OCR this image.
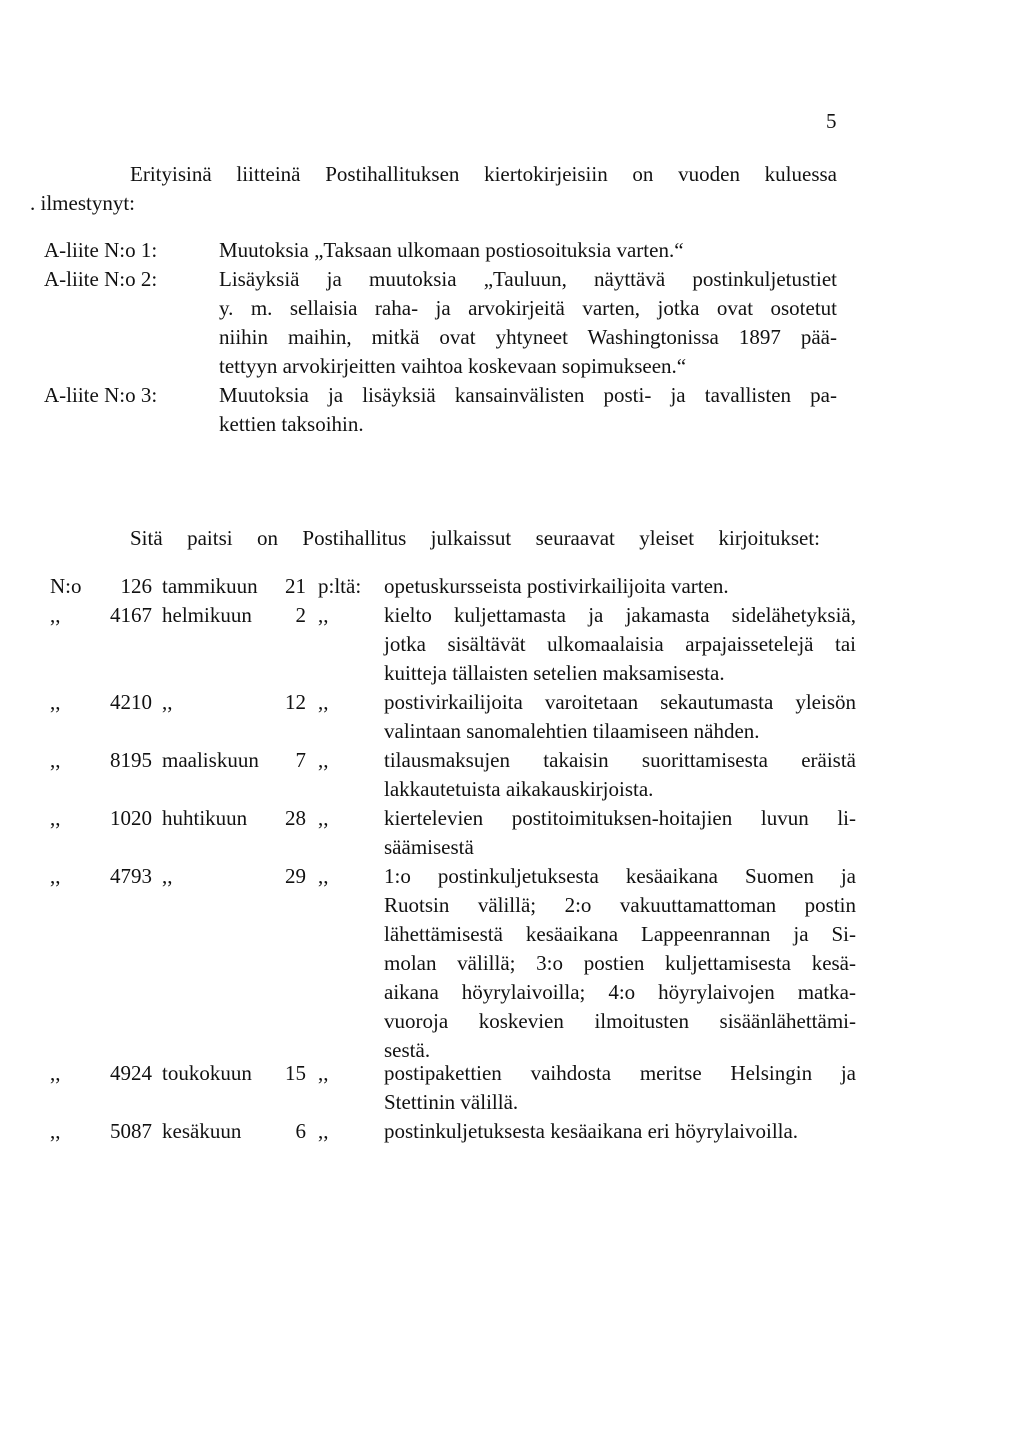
5
Erityisinä liitteinä Postihallituksen kiertokirjeisiin on vuoden kuluessa
. ilmestynyt:
A-liite N:o 1:	Muutoksia „Taksaan ulkomaan postiosoituksia varten.“
A-liite N:o 2:	Lisäyksiä ja muutoksia „Tauluun, näyttävä postinkuljetustiet
y. m. sellaisia raha- ja arvokirjeitä varten, jotka ovat osotetut
niihin maihin, mitkä ovat yhtyneet Washingtonissa 1897 pää-
tettyyn arvokirjeitten vaihtoa koskevaan sopimukseen.“
A-liite N:o 3:	Muutoksia ja lisäyksiä kansainvälisten posti- ja tavallisten pa-
kettien taksoihin.
Sitä paitsi on Postihallitus julkaissut seuraavat yleiset kirjoitukset:
N:o	126 tammikuun	21 p:ltä: opetuskursseista postivirkailijoita varten.
,,	4167 helmikuun	2 ,,	kielto kuljettamasta ja jakamasta sidelähetyksiä,
jotka sisältävät ulkomaalaisia arpajaissetelejä tai
kuitteja tällaisten setelien maksamisesta.
,,	4210 ,,	12 ,,	postivirkailijoita varoitetaan sekautumasta yleisön
valintaan sanomalehtien tilaamiseen nähden.
,,	8195 maaliskuun	7 ,,	tilausmaksujen takaisin suorittamisesta eräistä
lakkautetuista aikakauskirjoista.
,,	1020 huhtikuun	28 ,,	kiertelevien postitoimituksen-hoitajien luvun li-
säämisestä
,,	4793 ,,	29 ,,	1:o postinkuljetuksesta kesäaikana Suomen ja
Ruotsin välillä; 2:o vakuuttamattoman postin
lähettämisestä kesäaikana Lappeenrannan ja Si-
molan välillä; 3:o postien kuljettamisesta kesä-
aikana höyrylaivoilla; 4:o höyrylaivojen matka-
vuoroja koskevien ilmoitusten sisäänlähettämi-
sestä.
,,	4924 toukokuun	15 ,,	postipakettien vaihdosta meritse Helsingin ja
Stettinin välillä.
,,	5087 kesäkuun	6 ,,	postinkuljetuksesta kesäaikana eri höyrylaivoilla.
